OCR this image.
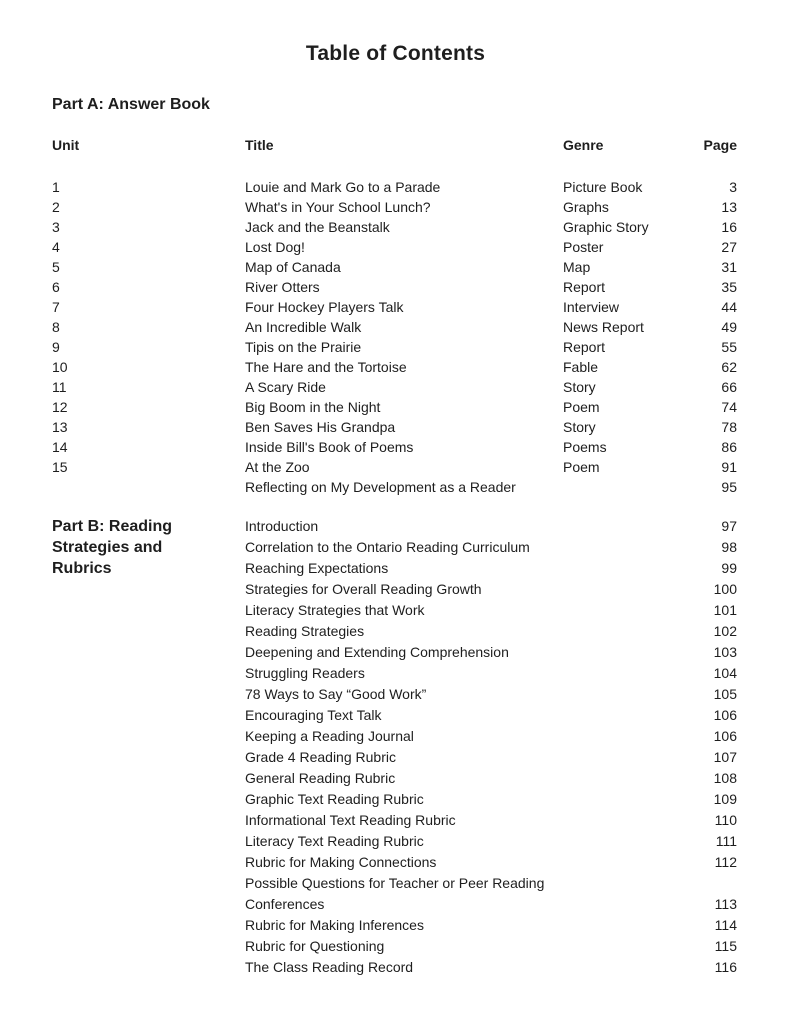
Table of Contents
Part A: Answer Book
Unit	Title	Genre	Page
1	Louie and Mark Go to a Parade	Picture Book	3
2	What's in Your School Lunch?	Graphs	13
3	Jack and the Beanstalk	Graphic Story	16
4	Lost Dog!	Poster	27
5	Map of Canada	Map	31
6	River Otters	Report	35
7	Four Hockey Players Talk	Interview	44
8	An Incredible Walk	News Report	49
9	Tipis on the Prairie	Report	55
10	The Hare and the Tortoise	Fable	62
11	A Scary Ride	Story	66
12	Big Boom in the Night	Poem	74
13	Ben Saves His Grandpa	Story	78
14	Inside Bill's Book of Poems	Poems	86
15	At the Zoo	Poem	91
Reflecting on My Development as a Reader	95
Part B: Reading Strategies and Rubrics
Introduction	97
Correlation to the Ontario Reading Curriculum	98
Reaching Expectations	99
Strategies for Overall Reading Growth	100
Literacy Strategies that Work	101
Reading Strategies	102
Deepening and Extending Comprehension	103
Struggling Readers	104
78 Ways to Say “Good Work”	105
Encouraging Text Talk	106
Keeping a Reading Journal	106
Grade 4 Reading Rubric	107
General Reading Rubric	108
Graphic Text Reading Rubric	109
Informational Text Reading Rubric	110
Literacy Text Reading Rubric	111
Rubric for Making Connections	112
Possible Questions for Teacher or Peer Reading Conferences	113
Rubric for Making Inferences	114
Rubric for Questioning	115
The Class Reading Record	116
